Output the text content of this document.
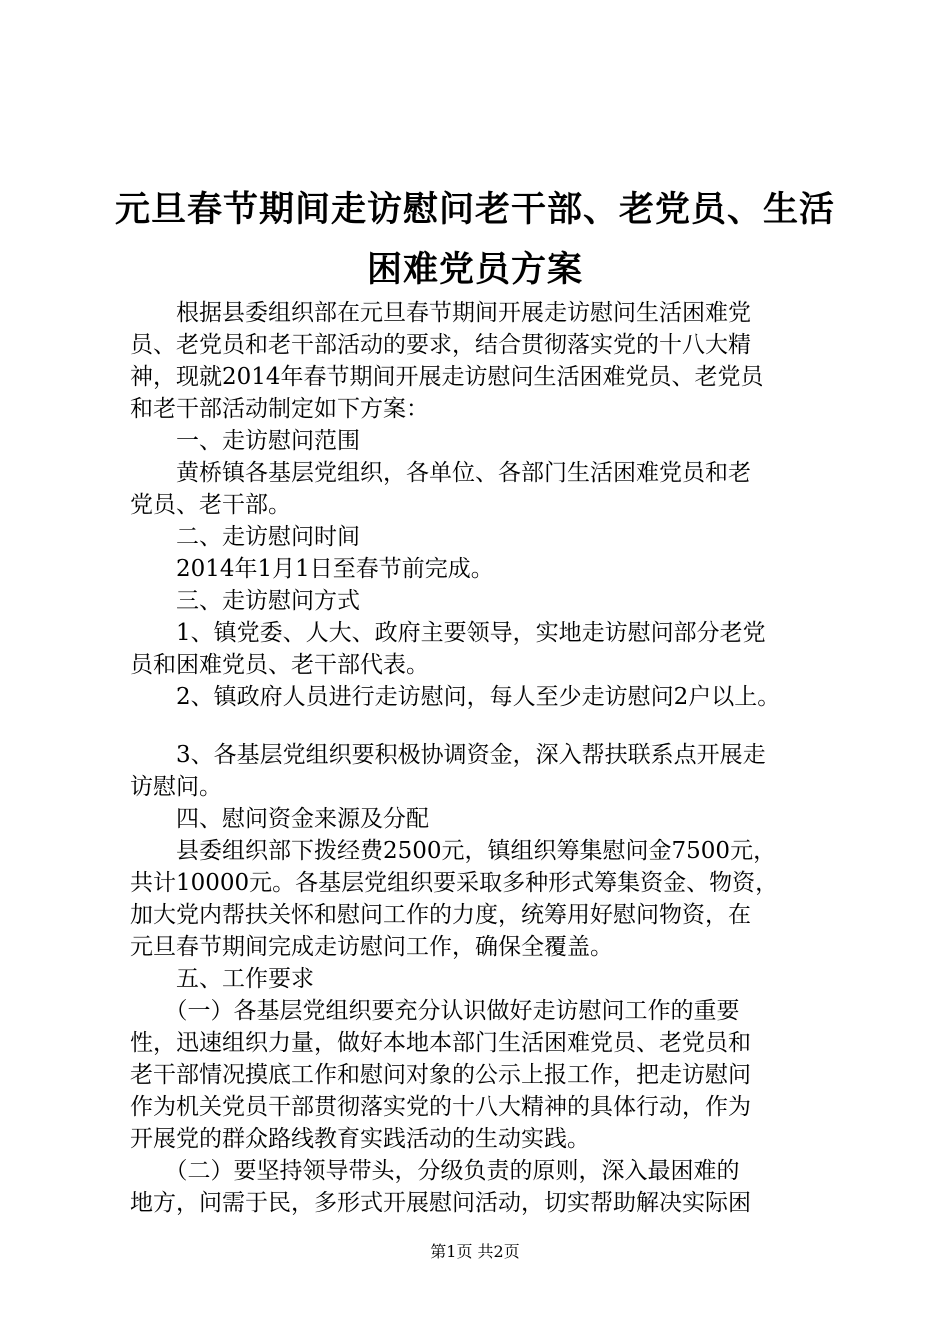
元旦春节期间走访慰问老干部、老党员、生活
困难党员方案
　　根据县委组织部在元旦春节期间开展走访慰问生活困难党
员、老党员和老干部活动的要求，结合贯彻落实党的十八大精
神，现就2014年春节期间开展走访慰问生活困难党员、老党员
和老干部活动制定如下方案：
　　一、走访慰问范围
　　黄桥镇各基层党组织，各单位、各部门生活困难党员和老
党员、老干部。
　　二、走访慰问时间
　　2014年1月1日至春节前完成。
　　三、走访慰问方式
　　1、镇党委、人大、政府主要领导，实地走访慰问部分老党
员和困难党员、老干部代表。
　　2、镇政府人员进行走访慰问，每人至少走访慰问2户以上。
　　3、各基层党组织要积极协调资金，深入帮扶联系点开展走
访慰问。
　　四、慰问资金来源及分配
　　县委组织部下拨经费2500元，镇组织筹集慰问金7500元，
共计10000元。各基层党组织要采取多种形式筹集资金、物资，
加大党内帮扶关怀和慰问工作的力度，统筹用好慰问物资，在
元旦春节期间完成走访慰问工作，确保全覆盖。
　　五、工作要求
　　（一）各基层党组织要充分认识做好走访慰问工作的重要
性，迅速组织力量，做好本地本部门生活困难党员、老党员和
老干部情况摸底工作和慰问对象的公示上报工作，把走访慰问
作为机关党员干部贯彻落实党的十八大精神的具体行动，作为
开展党的群众路线教育实践活动的生动实践。
　　（二）要坚持领导带头，分级负责的原则，深入最困难的
地方，问需于民，多形式开展慰问活动，切实帮助解决实际困
第1页 共2页
